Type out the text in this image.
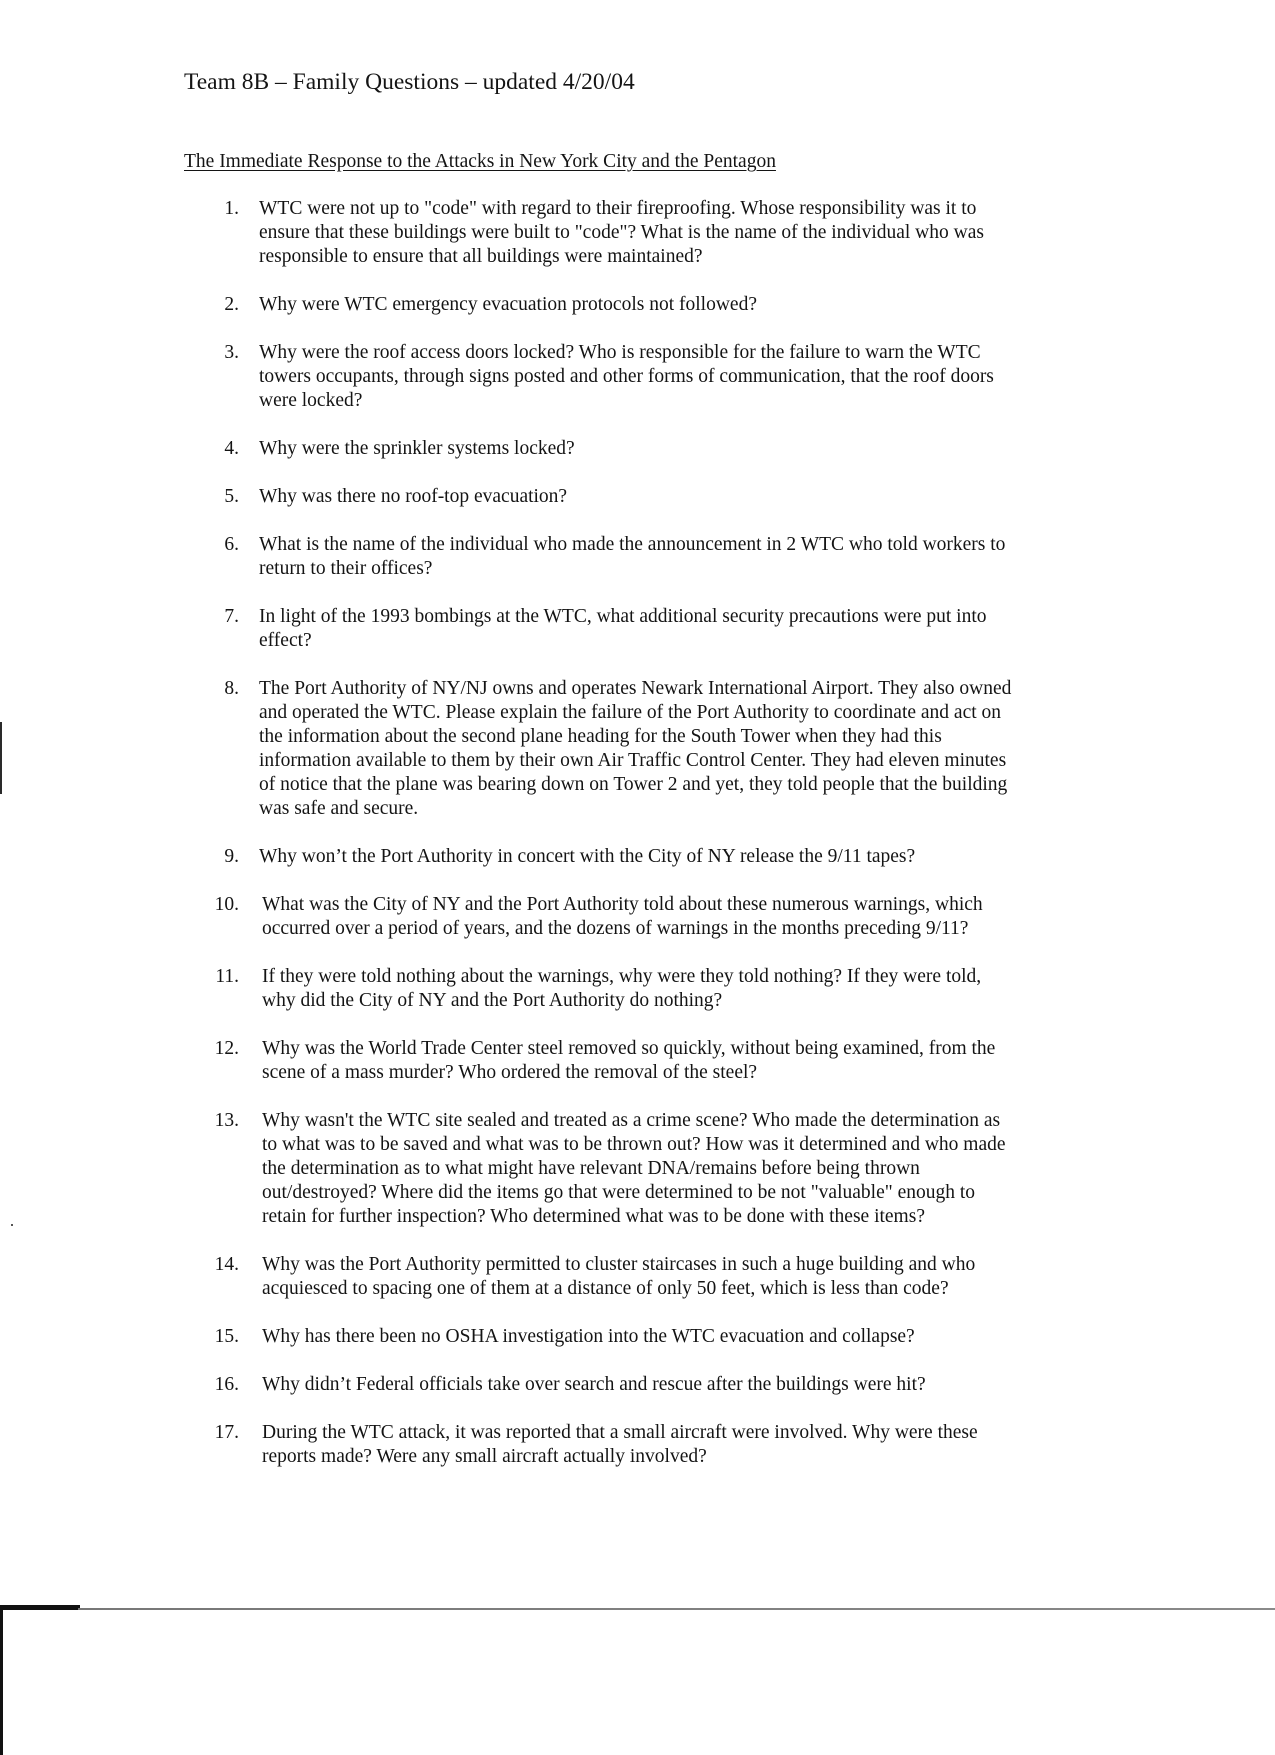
Team 8B – Family Questions – updated 4/20/04
The Immediate Response to the Attacks in New York City and the Pentagon
1. WTC were not up to "code" with regard to their fireproofing. Whose responsibility was it to
ensure that these buildings were built to "code"? What is the name of the individual who was
responsible to ensure that all buildings were maintained?
2. Why were WTC emergency evacuation protocols not followed?
3. Why were the roof access doors locked? Who is responsible for the failure to warn the WTC
towers occupants, through signs posted and other forms of communication, that the roof doors
were locked?
4. Why were the sprinkler systems locked?
5. Why was there no roof-top evacuation?
6. What is the name of the individual who made the announcement in 2 WTC who told workers to
return to their offices?
7. In light of the 1993 bombings at the WTC, what additional security precautions were put into
effect?
8. The Port Authority of NY/NJ owns and operates Newark International Airport. They also owned
and operated the WTC. Please explain the failure of the Port Authority to coordinate and act on
the information about the second plane heading for the South Tower when they had this
information available to them by their own Air Traffic Control Center. They had eleven minutes
of notice that the plane was bearing down on Tower 2 and yet, they told people that the building
was safe and secure.
9. Why won’t the Port Authority in concert with the City of NY release the 9/11 tapes?
10. What was the City of NY and the Port Authority told about these numerous warnings, which
occurred over a period of years, and the dozens of warnings in the months preceding 9/11?
11. If they were told nothing about the warnings, why were they told nothing? If they were told,
why did the City of NY and the Port Authority do nothing?
12. Why was the World Trade Center steel removed so quickly, without being examined, from the
scene of a mass murder? Who ordered the removal of the steel?
13. Why wasn't the WTC site sealed and treated as a crime scene? Who made the determination as
to what was to be saved and what was to be thrown out? How was it determined and who made
the determination as to what might have relevant DNA/remains before being thrown
out/destroyed? Where did the items go that were determined to be not "valuable" enough to
retain for further inspection? Who determined what was to be done with these items?
14. Why was the Port Authority permitted to cluster staircases in such a huge building and who
acquiesced to spacing one of them at a distance of only 50 feet, which is less than code?
15. Why has there been no OSHA investigation into the WTC evacuation and collapse?
16. Why didn’t Federal officials take over search and rescue after the buildings were hit?
17. During the WTC attack, it was reported that a small aircraft were involved. Why were these
reports made? Were any small aircraft actually involved?
